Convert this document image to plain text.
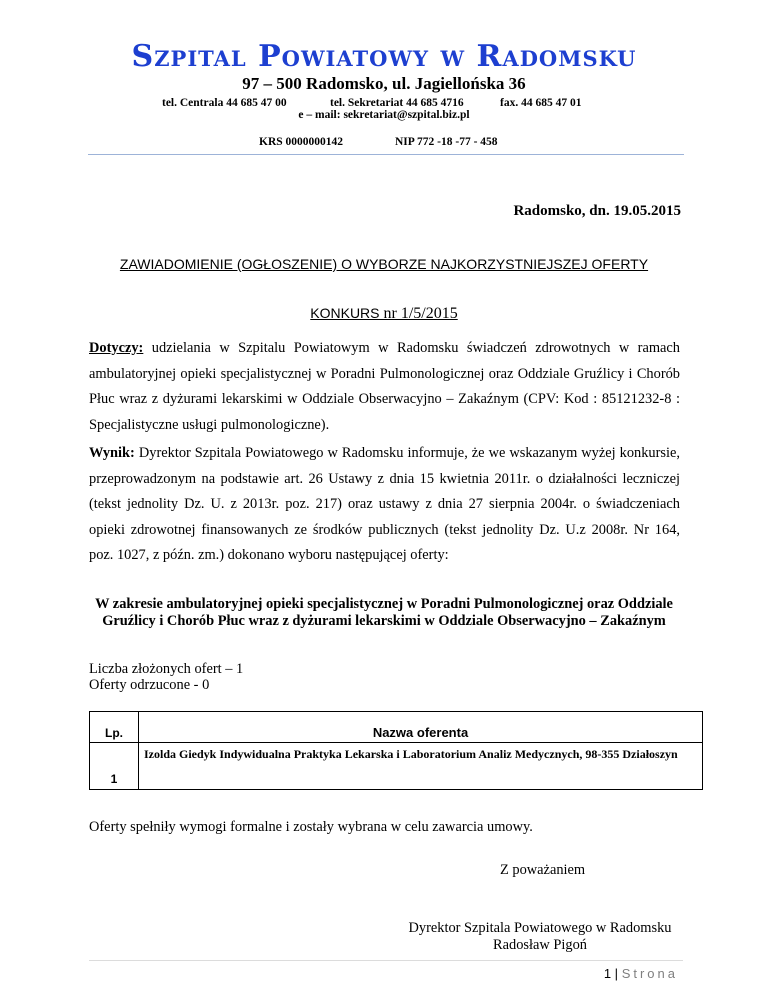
Szpital Powiatowy w Radomsku
97 – 500 Radomsko, ul. Jagiellońska 36
tel. Centrala 44 685 47 00	tel. Sekretariat 44 685 4716	fax. 44 685 47 01
e – mail: sekretariat@szpital.biz.pl
KRS 0000000142	NIP 772 -18 -77 - 458
Radomsko, dn. 19.05.2015
ZAWIADOMIENIE (OGŁOSZENIE) O WYBORZE NAJKORZYSTNIEJSZEJ OFERTY
KONKURS nr 1/5/2015
Dotyczy: udzielania w Szpitalu Powiatowym w Radomsku świadczeń zdrowotnych w ramach ambulatoryjnej opieki specjalistycznej w Poradni Pulmonologicznej oraz Oddziale Gruźlicy i Chorób Płuc wraz z dyżurami lekarskimi w Oddziale Obserwacyjno – Zakaźnym (CPV: Kod : 85121232-8 : Specjalistyczne usługi pulmonologiczne).
Wynik: Dyrektor Szpitala Powiatowego w Radomsku informuje, że we wskazanym wyżej konkursie, przeprowadzonym na podstawie art. 26 Ustawy z dnia 15 kwietnia 2011r. o działalności leczniczej (tekst jednolity Dz. U. z 2013r. poz. 217) oraz ustawy z dnia 27 sierpnia 2004r. o świadczeniach opieki zdrowotnej finansowanych ze środków publicznych (tekst jednolity Dz. U.z 2008r. Nr 164, poz. 1027, z późn. zm.) dokonano wyboru następującej oferty:
W zakresie ambulatoryjnej opieki specjalistycznej w Poradni Pulmonologicznej oraz Oddziale Gruźlicy i Chorób Płuc wraz z dyżurami lekarskimi w Oddziale Obserwacyjno – Zakaźnym
Liczba złożonych ofert – 1
Oferty odrzucone - 0
Lp.	Nazwa oferenta
1	Izolda Giedyk Indywidualna Praktyka Lekarska i Laboratorium Analiz Medycznych, 98-355 Działoszyn
Oferty spełniły wymogi formalne i zostały wybrana w celu zawarcia umowy.
Z poważaniem
Dyrektor Szpitala Powiatowego w Radomsku
Radosław Pigoń
1 | Strona
